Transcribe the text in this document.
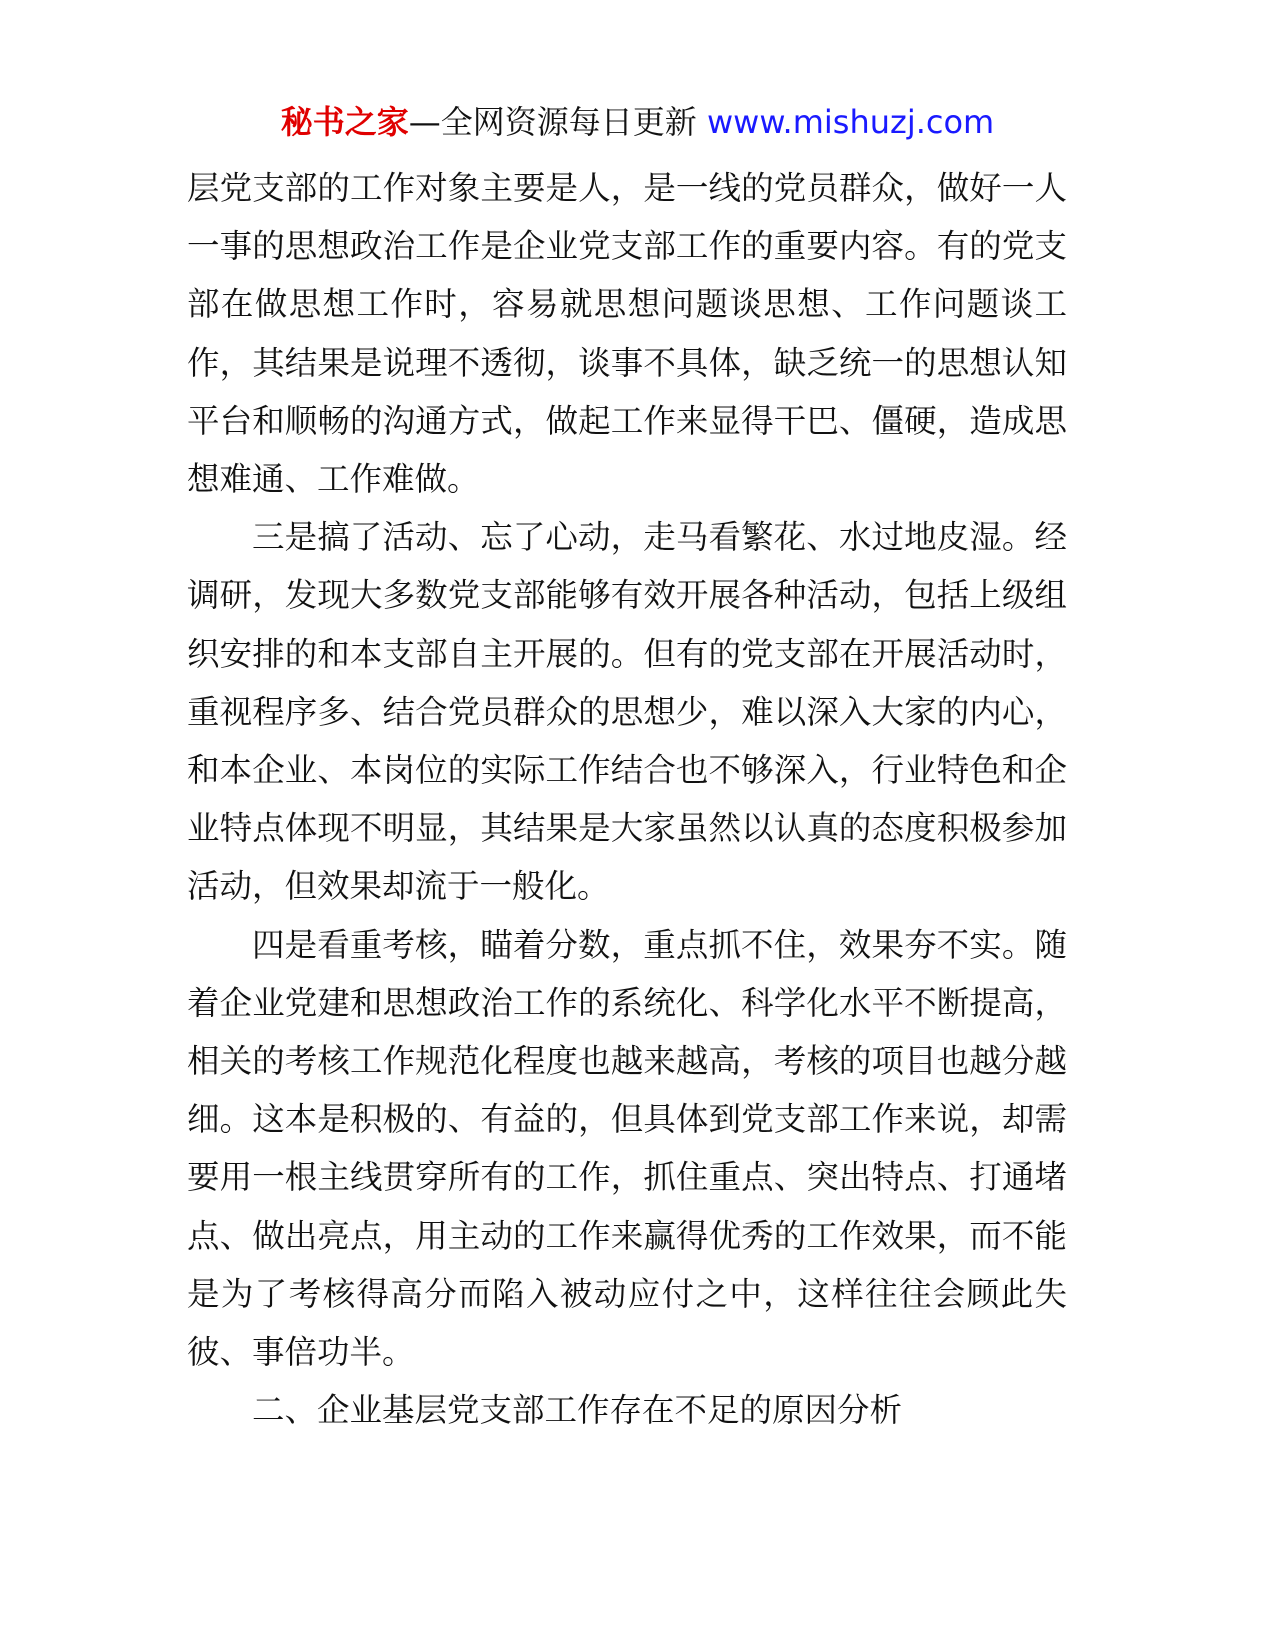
秘书之家—全网资源每日更新 www.mishuzj.com

层党支部的工作对象主要是人，是一线的党员群众，做好一人一事的思想政治工作是企业党支部工作的重要内容。有的党支部在做思想工作时，容易就思想问题谈思想、工作问题谈工作，其结果是说理不透彻，谈事不具体，缺乏统一的思想认知平台和顺畅的沟通方式，做起工作来显得干巴、僵硬，造成思想难通、工作难做。

三是搞了活动、忘了心动，走马看繁花、水过地皮湿。经调研，发现大多数党支部能够有效开展各种活动，包括上级组织安排的和本支部自主开展的。但有的党支部在开展活动时，重视程序多、结合党员群众的思想少，难以深入大家的内心，和本企业、本岗位的实际工作结合也不够深入，行业特色和企业特点体现不明显，其结果是大家虽然以认真的态度积极参加活动，但效果却流于一般化。

四是看重考核，瞄着分数，重点抓不住，效果夯不实。随着企业党建和思想政治工作的系统化、科学化水平不断提高，相关的考核工作规范化程度也越来越高，考核的项目也越分越细。这本是积极的、有益的，但具体到党支部工作来说，却需要用一根主线贯穿所有的工作，抓住重点、突出特点、打通堵点、做出亮点，用主动的工作来赢得优秀的工作效果，而不能是为了考核得高分而陷入被动应付之中，这样往往会顾此失彼、事倍功半。

二、企业基层党支部工作存在不足的原因分析
